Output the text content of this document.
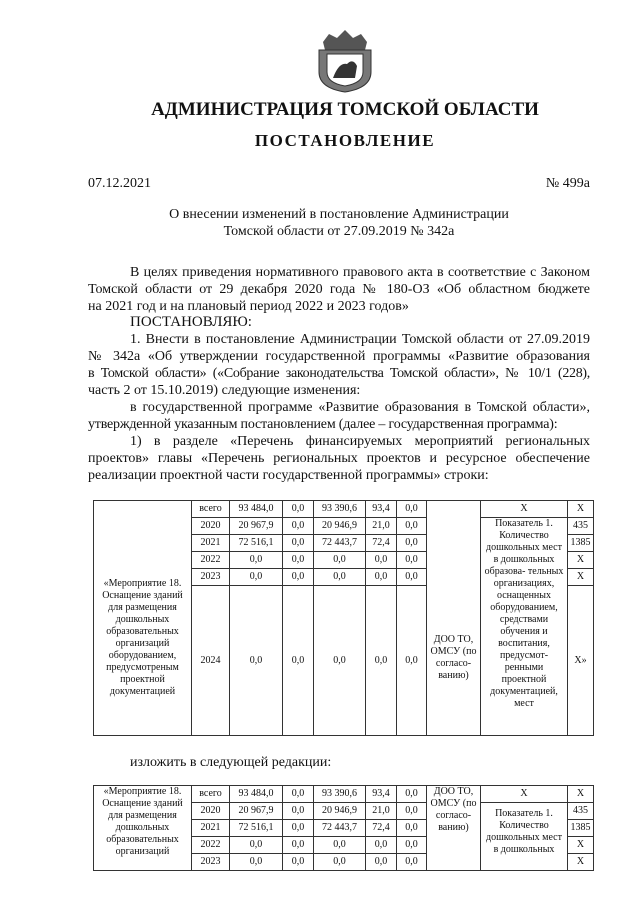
АДМИНИСТРАЦИЯ ТОМСКОЙ ОБЛАСТИ
ПОСТАНОВЛЕНИЕ
07.12.2021	№ 499а
О внесении изменений в постановление Администрации
Томской области от 27.09.2019 № 342а
В целях приведения нормативного правового акта в соответствие с Законом
Томской области от 29 декабря 2020 года № 180-ОЗ «Об областном бюджете
на 2021 год и на плановый период 2022 и 2023 годов»
ПОСТАНОВЛЯЮ:
1. Внести в постановление Администрации Томской области от 27.09.2019
№ 342а «Об утверждении государственной программы «Развитие образования
в Томской области» («Собрание законодательства Томской области», № 10/1 (228),
часть 2 от 15.10.2019) следующие изменения:
в государственной программе «Развитие образования в Томской области»,
утвержденной указанным постановлением (далее – государственная программа):
1) в разделе «Перечень финансируемых мероприятий региональных
проектов» главы «Перечень региональных проектов и ресурсное обеспечение
реализации проектной части государственной программы» строки:
«Мероприятие 18. Оснащение зданий для размещения дошкольных образовательных организаций оборудованием, предусмотреным проектной документацией	всего	93 484,0	0,0	93 390,6	93,4	0,0	ДОО ТО, ОМСУ (по согласо- ванию)	X	X
	2020	20 967,9	0,0	20 946,9	21,0	0,0		Показатель 1. Количество дошкольных мест в дошкольных образова- тельных организациях, оснащенных оборудованием, средствами обучения и воспитания, предусмот- ренными проектной документацией, мест	435
	2021	72 516,1	0,0	72 443,7	72,4	0,0			1385
	2022	0,0	0,0	0,0	0,0	0,0			X
	2023	0,0	0,0	0,0	0,0	0,0			X
	2024	0,0	0,0	0,0	0,0	0,0			X»
изложить в следующей редакции:
«Мероприятие 18. Оснащение зданий для размещения дошкольных образовательных организаций	всего	93 484,0	0,0	93 390,6	93,4	0,0	ДОО ТО, ОМСУ (по согласо- ванию)	X	X
	2020	20 967,9	0,0	20 946,9	21,0	0,0		Показатель 1. Количество дошкольных мест в дошкольных	435
	2021	72 516,1	0,0	72 443,7	72,4	0,0			1385
	2022	0,0	0,0	0,0	0,0	0,0			X
	2023	0,0	0,0	0,0	0,0	0,0			X
